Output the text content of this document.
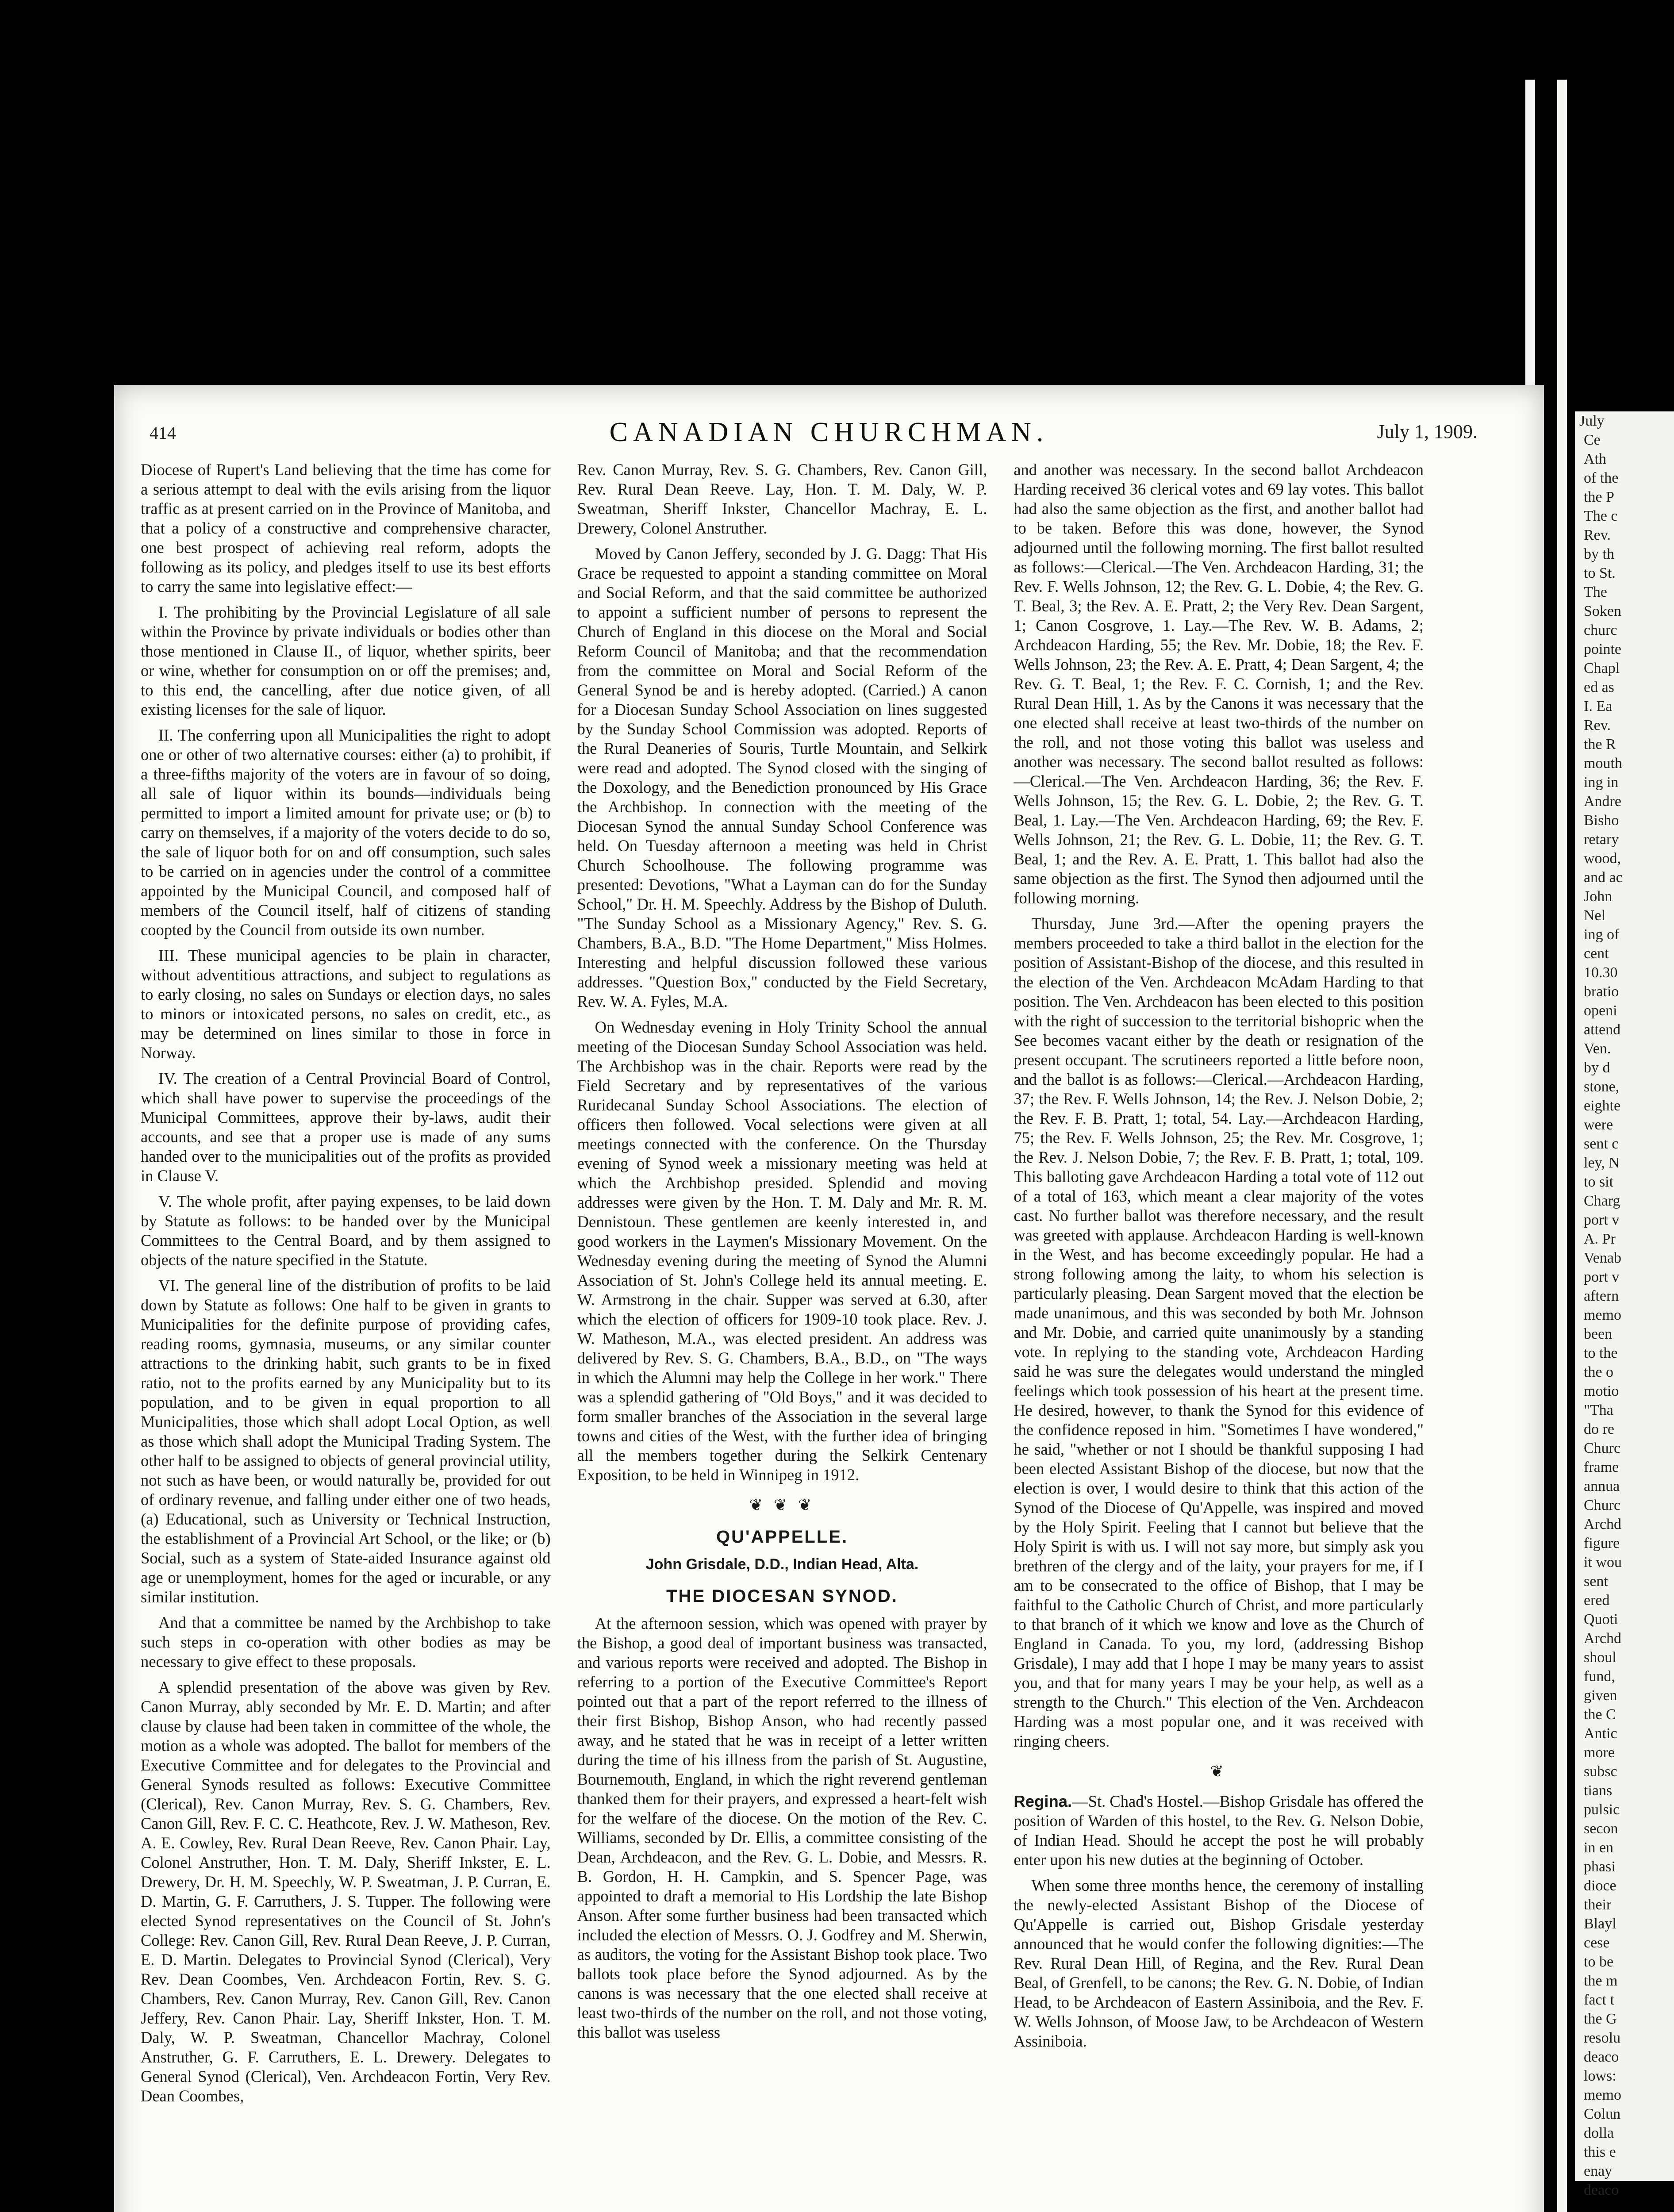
414	CANADIAN CHURCHMAN.	July 1, 1909.

Diocese of Rupert's Land believing that the time has come for a serious attempt to deal with the evils arising from the liquor traffic as at present carried on in the Province of Manitoba, and that a policy of a constructive and comprehensive character, one best prospect of achieving real reform, adopts the following as its policy, and pledges itself to use its best efforts to carry the same into legislative effect:—

I. The prohibiting by the Provincial Legislature of all sale within the Province by private individuals or bodies other than those mentioned in Clause II., of liquor, whether spirits, beer or wine, whether for consumption on or off the premises; and, to this end, the cancelling, after due notice given, of all existing licenses for the sale of liquor.

II. The conferring upon all Municipalities the right to adopt one or other of two alternative courses: either (a) to prohibit, if a three-fifths majority of the voters are in favour of so doing, all sale of liquor within its bounds—individuals being permitted to import a limited amount for private use; or (b) to carry on themselves, if a majority of the voters decide to do so, the sale of liquor both for on and off consumption, such sales to be carried on in agencies under the control of a committee appointed by the Municipal Council, and composed half of members of the Council itself, half of citizens of standing coopted by the Council from outside its own number.

III. These municipal agencies to be plain in character, without adventitious attractions, and subject to regulations as to early closing, no sales on Sundays or election days, no sales to minors or intoxicated persons, no sales on credit, etc., as may be determined on lines similar to those in force in Norway.

IV. The creation of a Central Provincial Board of Control, which shall have power to supervise the proceedings of the Municipal Committees, approve their by-laws, audit their accounts, and see that a proper use is made of any sums handed over to the municipalities out of the profits as provided in Clause V.

V. The whole profit, after paying expenses, to be laid down by Statute as follows: to be handed over by the Municipal Committees to the Central Board, and by them assigned to objects of the nature specified in the Statute.

VI. The general line of the distribution of profits to be laid down by Statute as follows: One half to be given in grants to Municipalities for the definite purpose of providing cafes, reading rooms, gymnasia, museums, or any similar counter attractions to the drinking habit, such grants to be in fixed ratio, not to the profits earned by any Municipality but to its population, and to be given in equal proportion to all Municipalities, those which shall adopt Local Option, as well as those which shall adopt the Municipal Trading System. The other half to be assigned to objects of general provincial utility, not such as have been, or would naturally be, provided for out of ordinary revenue, and falling under either one of two heads, (a) Educational, such as University or Technical Instruction, the establishment of a Provincial Art School, or the like; or (b) Social, such as a system of State-aided Insurance against old age or unemployment, homes for the aged or incurable, or any similar institution.

And that a committee be named by the Archbishop to take such steps in co-operation with other bodies as may be necessary to give effect to these proposals.

A splendid presentation of the above was given by Rev. Canon Murray, ably seconded by Mr. E. D. Martin; and after clause by clause had been taken in committee of the whole, the motion as a whole was adopted. The ballot for members of the Executive Committee and for delegates to the Provincial and General Synods resulted as follows: Executive Committee (Clerical), Rev. Canon Murray, Rev. S. G. Chambers, Rev. Canon Gill, Rev. F. C. C. Heathcote, Rev. J. W. Matheson, Rev. A. E. Cowley, Rev. Rural Dean Reeve, Rev. Canon Phair. Lay, Colonel Anstruther, Hon. T. M. Daly, Sheriff Inkster, E. L. Drewery, Dr. H. M. Speechly, W. P. Sweatman, J. P. Curran, E. D. Martin, G. F. Carruthers, J. S. Tupper. The following were elected Synod representatives on the Council of St. John's College: Rev. Canon Gill, Rev. Rural Dean Reeve, J. P. Curran, E. D. Martin. Delegates to Provincial Synod (Clerical), Very Rev. Dean Coombes, Ven. Archdeacon Fortin, Rev. S. G. Chambers, Rev. Canon Murray, Rev. Canon Gill, Rev. Canon Jeffery, Rev. Canon Phair. Lay, Sheriff Inkster, Hon. T. M. Daly, W. P. Sweatman, Chancellor Machray, Colonel Anstruther, G. F. Carruthers, E. L. Drewery. Delegates to General Synod (Clerical), Ven. Archdeacon Fortin, Very Rev. Dean Coombes,

Rev. Canon Murray, Rev. S. G. Chambers, Rev. Canon Gill, Rev. Rural Dean Reeve. Lay, Hon. T. M. Daly, W. P. Sweatman, Sheriff Inkster, Chancellor Machray, E. L. Drewery, Colonel Anstruther.

Moved by Canon Jeffery, seconded by J. G. Dagg: That His Grace be requested to appoint a standing committee on Moral and Social Reform, and that the said committee be authorized to appoint a sufficient number of persons to represent the Church of England in this diocese on the Moral and Social Reform Council of Manitoba; and that the recommendation from the committee on Moral and Social Reform of the General Synod be and is hereby adopted. (Carried.) A canon for a Diocesan Sunday School Association on lines suggested by the Sunday School Commission was adopted. Reports of the Rural Deaneries of Souris, Turtle Mountain, and Selkirk were read and adopted. The Synod closed with the singing of the Doxology, and the Benediction pronounced by His Grace the Archbishop. In connection with the meeting of the Diocesan Synod the annual Sunday School Conference was held. On Tuesday afternoon a meeting was held in Christ Church Schoolhouse. The following programme was presented: Devotions, "What a Layman can do for the Sunday School," Dr. H. M. Speechly. Address by the Bishop of Duluth. "The Sunday School as a Missionary Agency," Rev. S. G. Chambers, B.A., B.D. "The Home Department," Miss Holmes. Interesting and helpful discussion followed these various addresses. "Question Box," conducted by the Field Secretary, Rev. W. A. Fyles, M.A.

On Wednesday evening in Holy Trinity School the annual meeting of the Diocesan Sunday School Association was held. The Archbishop was in the chair. Reports were read by the Field Secretary and by representatives of the various Ruridecanal Sunday School Associations. The election of officers then followed. Vocal selections were given at all meetings connected with the conference. On the Thursday evening of Synod week a missionary meeting was held at which the Archbishop presided. Splendid and moving addresses were given by the Hon. T. M. Daly and Mr. R. M. Dennistoun. These gentlemen are keenly interested in, and good workers in the Laymen's Missionary Movement. On the Wednesday evening during the meeting of Synod the Alumni Association of St. John's College held its annual meeting. E. W. Armstrong in the chair. Supper was served at 6.30, after which the election of officers for 1909-10 took place. Rev. J. W. Matheson, M.A., was elected president. An address was delivered by Rev. S. G. Chambers, B.A., B.D., on "The ways in which the Alumni may help the College in her work." There was a splendid gathering of "Old Boys," and it was decided to form smaller branches of the Association in the several large towns and cities of the West, with the further idea of bringing all the members together during the Selkirk Centenary Exposition, to be held in Winnipeg in 1912.

❦ ❦ ❦
QU'APPELLE.
John Grisdale, D.D., Indian Head, Alta.
THE DIOCESAN SYNOD.

At the afternoon session, which was opened with prayer by the Bishop, a good deal of important business was transacted, and various reports were received and adopted. The Bishop in referring to a portion of the Executive Committee's Report pointed out that a part of the report referred to the illness of their first Bishop, Bishop Anson, who had recently passed away, and he stated that he was in receipt of a letter written during the time of his illness from the parish of St. Augustine, Bournemouth, England, in which the right reverend gentleman thanked them for their prayers, and expressed a heart-felt wish for the welfare of the diocese. On the motion of the Rev. C. Williams, seconded by Dr. Ellis, a committee consisting of the Dean, Archdeacon, and the Rev. G. L. Dobie, and Messrs. R. B. Gordon, H. H. Campkin, and S. Spencer Page, was appointed to draft a memorial to His Lordship the late Bishop Anson. After some further business had been transacted which included the election of Messrs. O. J. Godfrey and M. Sherwin, as auditors, the voting for the Assistant Bishop took place. Two ballots took place before the Synod adjourned. As by the canons is was necessary that the one elected shall receive at least two-thirds of the number on the roll, and not those voting, this ballot was useless

and another was necessary. In the second ballot Archdeacon Harding received 36 clerical votes and 69 lay votes. This ballot had also the same objection as the first, and another ballot had to be taken. Before this was done, however, the Synod adjourned until the following morning. The first ballot resulted as follows:—Clerical.—The Ven. Archdeacon Harding, 31; the Rev. F. Wells Johnson, 12; the Rev. G. L. Dobie, 4; the Rev. G. T. Beal, 3; the Rev. A. E. Pratt, 2; the Very Rev. Dean Sargent, 1; Canon Cosgrove, 1. Lay.—The Rev. W. B. Adams, 2; Archdeacon Harding, 55; the Rev. Mr. Dobie, 18; the Rev. F. Wells Johnson, 23; the Rev. A. E. Pratt, 4; Dean Sargent, 4; the Rev. G. T. Beal, 1; the Rev. F. C. Cornish, 1; and the Rev. Rural Dean Hill, 1. As by the Canons it was necessary that the one elected shall receive at least two-thirds of the number on the roll, and not those voting this ballot was useless and another was necessary. The second ballot resulted as follows:—Clerical.—The Ven. Archdeacon Harding, 36; the Rev. F. Wells Johnson, 15; the Rev. G. L. Dobie, 2; the Rev. G. T. Beal, 1. Lay.—The Ven. Archdeacon Harding, 69; the Rev. F. Wells Johnson, 21; the Rev. G. L. Dobie, 11; the Rev. G. T. Beal, 1; and the Rev. A. E. Pratt, 1. This ballot had also the same objection as the first. The Synod then adjourned until the following morning.

Thursday, June 3rd.—After the opening prayers the members proceeded to take a third ballot in the election for the position of Assistant-Bishop of the diocese, and this resulted in the election of the Ven. Archdeacon McAdam Harding to that position. The Ven. Archdeacon has been elected to this position with the right of succession to the territorial bishopric when the See becomes vacant either by the death or resignation of the present occupant. The scrutineers reported a little before noon, and the ballot is as follows:—Clerical.—Archdeacon Harding, 37; the Rev. F. Wells Johnson, 14; the Rev. J. Nelson Dobie, 2; the Rev. F. B. Pratt, 1; total, 54. Lay.—Archdeacon Harding, 75; the Rev. F. Wells Johnson, 25; the Rev. Mr. Cosgrove, 1; the Rev. J. Nelson Dobie, 7; the Rev. F. B. Pratt, 1; total, 109. This balloting gave Archdeacon Harding a total vote of 112 out of a total of 163, which meant a clear majority of the votes cast. No further ballot was therefore necessary, and the result was greeted with applause. Archdeacon Harding is well-known in the West, and has become exceedingly popular. He had a strong following among the laity, to whom his selection is particularly pleasing. Dean Sargent moved that the election be made unanimous, and this was seconded by both Mr. Johnson and Mr. Dobie, and carried quite unanimously by a standing vote. In replying to the standing vote, Archdeacon Harding said he was sure the delegates would understand the mingled feelings which took possession of his heart at the present time. He desired, however, to thank the Synod for this evidence of the confidence reposed in him. "Sometimes I have wondered," he said, "whether or not I should be thankful supposing I had been elected Assistant Bishop of the diocese, but now that the election is over, I would desire to think that this action of the Synod of the Diocese of Qu'Appelle, was inspired and moved by the Holy Spirit. Feeling that I cannot but believe that the Holy Spirit is with us. I will not say more, but simply ask you brethren of the clergy and of the laity, your prayers for me, if I am to be consecrated to the office of Bishop, that I may be faithful to the Catholic Church of Christ, and more particularly to that branch of it which we know and love as the Church of England in Canada. To you, my lord, (addressing Bishop Grisdale), I may add that I hope I may be many years to assist you, and that for many years I may be your help, as well as a strength to the Church." This election of the Ven. Archdeacon Harding was a most popular one, and it was received with ringing cheers.

❦

Regina.—St. Chad's Hostel.—Bishop Grisdale has offered the position of Warden of this hostel, to the Rev. G. Nelson Dobie, of Indian Head. Should he accept the post he will probably enter upon his new duties at the beginning of October.

When some three months hence, the ceremony of installing the newly-elected Assistant Bishop of the Diocese of Qu'Appelle is carried out, Bishop Grisdale yesterday announced that he would confer the following dignities:—The Rev. Rural Dean Hill, of Regina, and the Rev. Rural Dean Beal, of Grenfell, to be canons; the Rev. G. N. Dobie, of Indian Head, to be Archdeacon of Eastern Assiniboia, and the Rev. F. W. Wells Johnson, of Moose Jaw, to be Archdeacon of Western Assiniboia.

July
Ce
Ath
of the
the P
The c
Rev.
by th
to St.
The
Soken
churc
pointe
Chapl
ed as
I. Ea
Rev.
the R
mouth
ing in
Andre
Bisho
retary
wood,
and ac
John
Nel
ing of
cent
10.30
bratio
openi
attend
Ven.
by d
stone,
eighte
were
sent c
ley, N
to sit
Charg
port v
A. Pr
Venab
port v
aftern
memo
been
to the
the o
motio
"Tha
do re
Churc
frame
annua
Churc
Archd
figure
it wou
sent
ered
Quoti
Archd
shoul
fund,
given
the C
Antic
more
subsc
tians
pulsic
secon
in en
phasi
dioce
their
Blayl
cese
to be
the m
fact t
the G
resolu
deaco
lows:
memo
Colun
dolla
this e
enay
deaco
